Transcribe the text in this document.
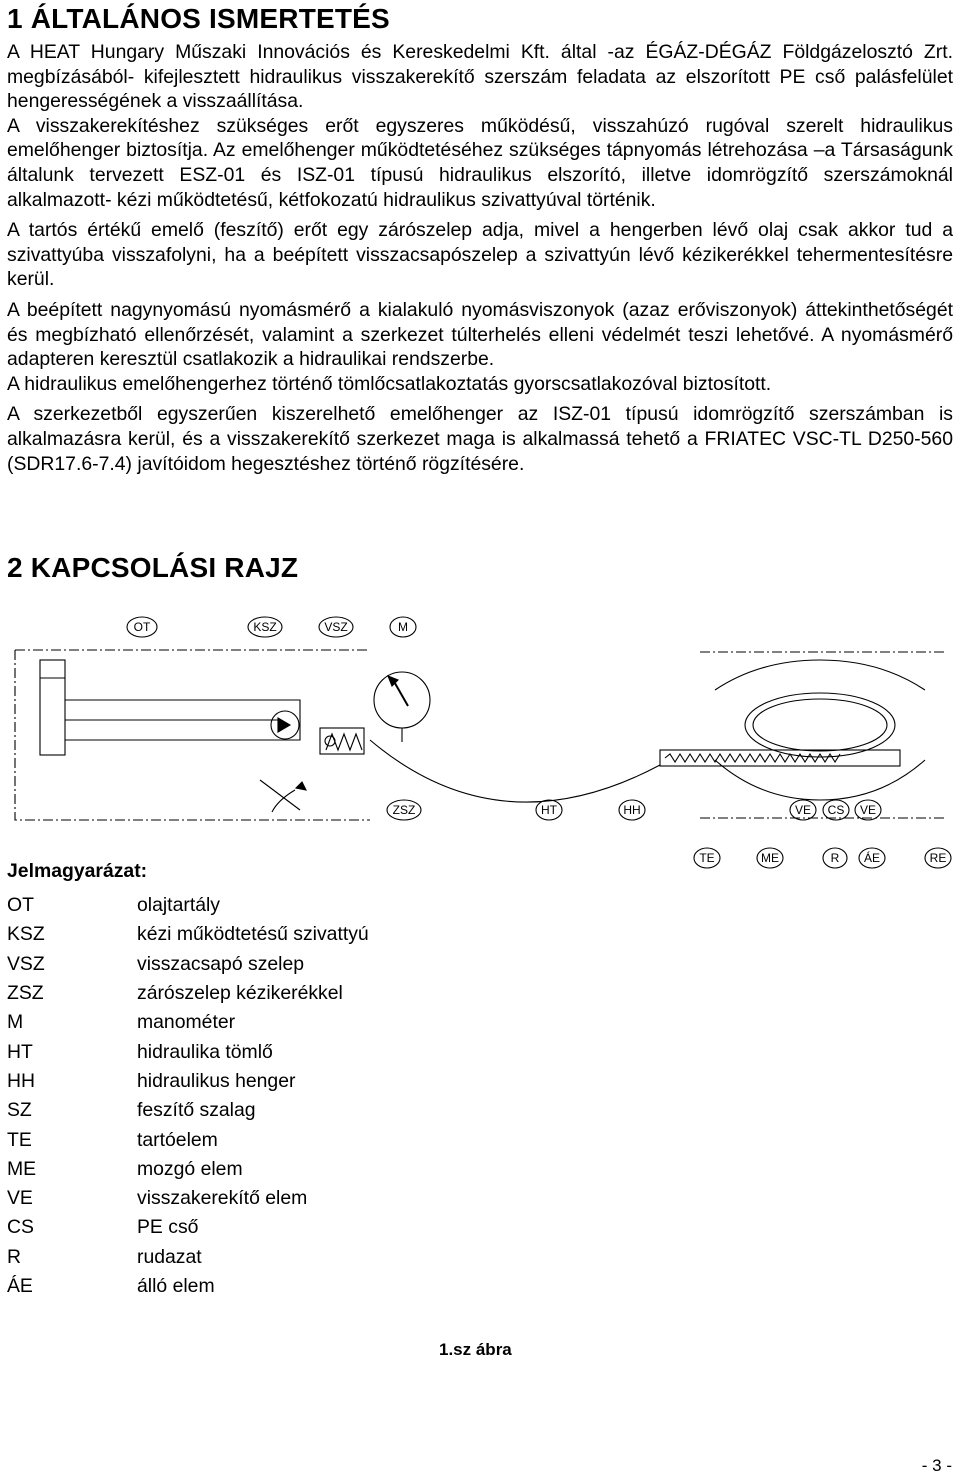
1 ÁLTALÁNOS ISMERTETÉS

A HEAT Hungary Műszaki Innovációs és Kereskedelmi Kft. által -az ÉGÁZ-DÉGÁZ Földgázelosztó Zrt. megbízásából- kifejlesztett hidraulikus visszakerekítő szerszám feladata az elszorított PE cső palásfelület hengerességének a visszaállítása.

A visszakerekítéshez szükséges erőt egyszeres működésű, visszahúzó rugóval szerelt hidraulikus emelőhenger biztosítja. Az emelőhenger működtetéséhez szükséges tápnyomás létrehozása –a Társaságunk általunk tervezett ESZ-01 és ISZ-01 típusú hidraulikus elszorító, illetve idomrögzítő szerszámoknál alkalmazott- kézi működtetésű, kétfokozatú hidraulikus szivattyúval történik.

A tartós értékű emelő (feszítő) erőt egy zárószelep adja, mivel a hengerben lévő olaj csak akkor tud a szivattyúba visszafolyni, ha a beépített visszacsapószelep a szivattyún lévő kézikerékkel tehermentesítésre kerül.

A beépített nagynyomású nyomásmérő a kialakuló nyomásviszonyok (azaz erőviszonyok) áttekinthetőségét és megbízható ellenőrzését, valamint a szerkezet túlterhelés elleni védelmét teszi lehetővé. A nyomásmérő adapteren keresztül csatlakozik a hidraulikai rendszerbe.

A hidraulikus emelőhengerhez történő tömlőcsatlakoztatás gyorscsatlakozóval biztosított.

A szerkezetből egyszerűen kiszerelhető emelőhenger az ISZ-01 típusú idomrögzítő szerszámban is alkalmazásra kerül, és a visszakerekítő szerkezet maga is alkalmassá tehető a FRIATEC VSC-TL D250-560 (SDR17.6-7.4) javítóidom hegesztéshez történő rögzítésére.

2 KAPCSOLÁSI RAJZ
OT	KSZ	VSZ	M
ZSZ	HT	HH	VE CS VE
TE	ME	R ÁE	RE
Jelmagyarázat:
OT	olajtartály
KSZ	kézi működtetésű szivattyú
VSZ	visszacsapó szelep
ZSZ	zárószelep kézikerékkel
M	manométer
HT	hidraulika tömlő
HH	hidraulikus henger
SZ	feszítő szalag
TE	tartóelem
ME	mozgó elem
VE	visszakerekítő elem
CS	PE cső
R	rudazat
ÁE	álló elem
1.sz ábra
- 3 -
